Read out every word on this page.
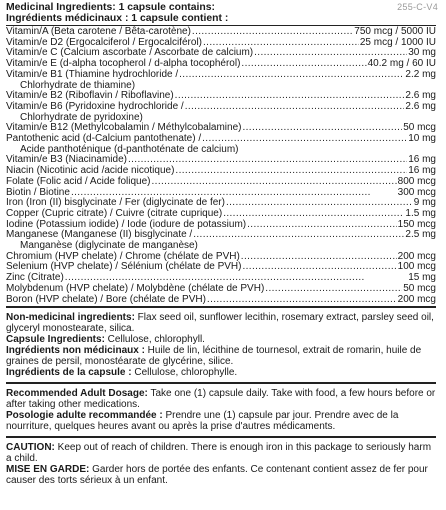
255-C-V4
Medicinal Ingredients: 1 capsule contains:
Ingrédients médicinaux : 1 capsule contient :
Vitamin/A (Beta carotene / Bêta-carotène) . . .	750 mcg / 5000 IU
Vitamin/e D2 (Ergocalciferol / Ergocalciférol) . . .	25 mcg / 1000 IU
Vitamin/e C (Calcium ascorbate / Ascorbate de calcium) . . .	30 mg
Vitamin/e E (d-alpha tocopherol / d-alpha tocophérol) . . .	40.2 mg / 60 IU
Vitamin/e B1 (Thiamine hydrochloride / . . .	2.2 mg
Chlorhydrate de thiamine)
Vitamin/e B2 (Riboflavin / Riboflavine) . . .	2.6 mg
Vitamin/e B6 (Pyridoxine hydrochloride / . . .	2.6 mg
Chlorhydrate de pyridoxine)
Vitamin/e B12 (Methylcobalamin / Méthylcobalamine) . . .	50 mcg
Pantothenic acid (d-Calcium pantothenate) / . . .	10 mg
Acide panthoténique (d-panthoténate de calcium)
Vitamin/e B3 (Niacinamide) . . .	16 mg
Niacin (Nicotinic acid /acide nicotique) . . .	16 mg
Folate (Folic acid / Acide folique) . . .	800 mcg
Biotin / Biotine . . .	300 mcg
Iron (Iron (II) bisglycinate / Fer (diglycinate de fer) . . .	9 mg
Copper (Cupric citrate) / Cuivre (citrate cuprique) . . .	1.5 mg
Iodine (Potassium iodide) / Iode (iodure de potassium) . . .	150 mcg
Manganese (Manganese (II) bisglycinate / . . .	2.5 mg
Manganèse (diglycinate de manganèse)
Chromium (HVP chelate) / Chrome (chélate de PVH) . . .	200 mcg
Selenium (HVP chelate) / Sélénium (chélate de PVH) . . .	100 mcg
Zinc (Citrate) . . .	15 mg
Molybdenum (HVP chelate) / Molybdène (chélate de PVH) . . .	50 mcg
Boron (HVP chelate) / Bore (chélate de PVH) . . .	200 mcg
Non-medicinal ingredients: Flax seed oil, sunflower lecithin, rosemary extract, parsley seed oil, glyceryl monostearate, silica.
Capsule Ingredients: Cellulose, chlorophyll.
Ingrédients non médicinaux : Huile de lin, lécithine de tournesol, extrait de romarin, huile de graines de persil, monostéarate de glycérine, silice.
Ingrédients de la capsule : Cellulose, chlorophylle.
Recommended Adult Dosage: Take one (1) capsule daily. Take with food, a few hours before or after taking other medications.
Posologie adulte recommandée : Prendre une (1) capsule par jour. Prendre avec de la nourriture, quelques heures avant ou après la prise d'autres médicaments.
CAUTION: Keep out of reach of children. There is enough iron in this package to seriously harm a child.
MISE EN GARDE: Garder hors de portée des enfants. Ce contenant contient assez de fer pour causer des torts sérieux à un enfant.
